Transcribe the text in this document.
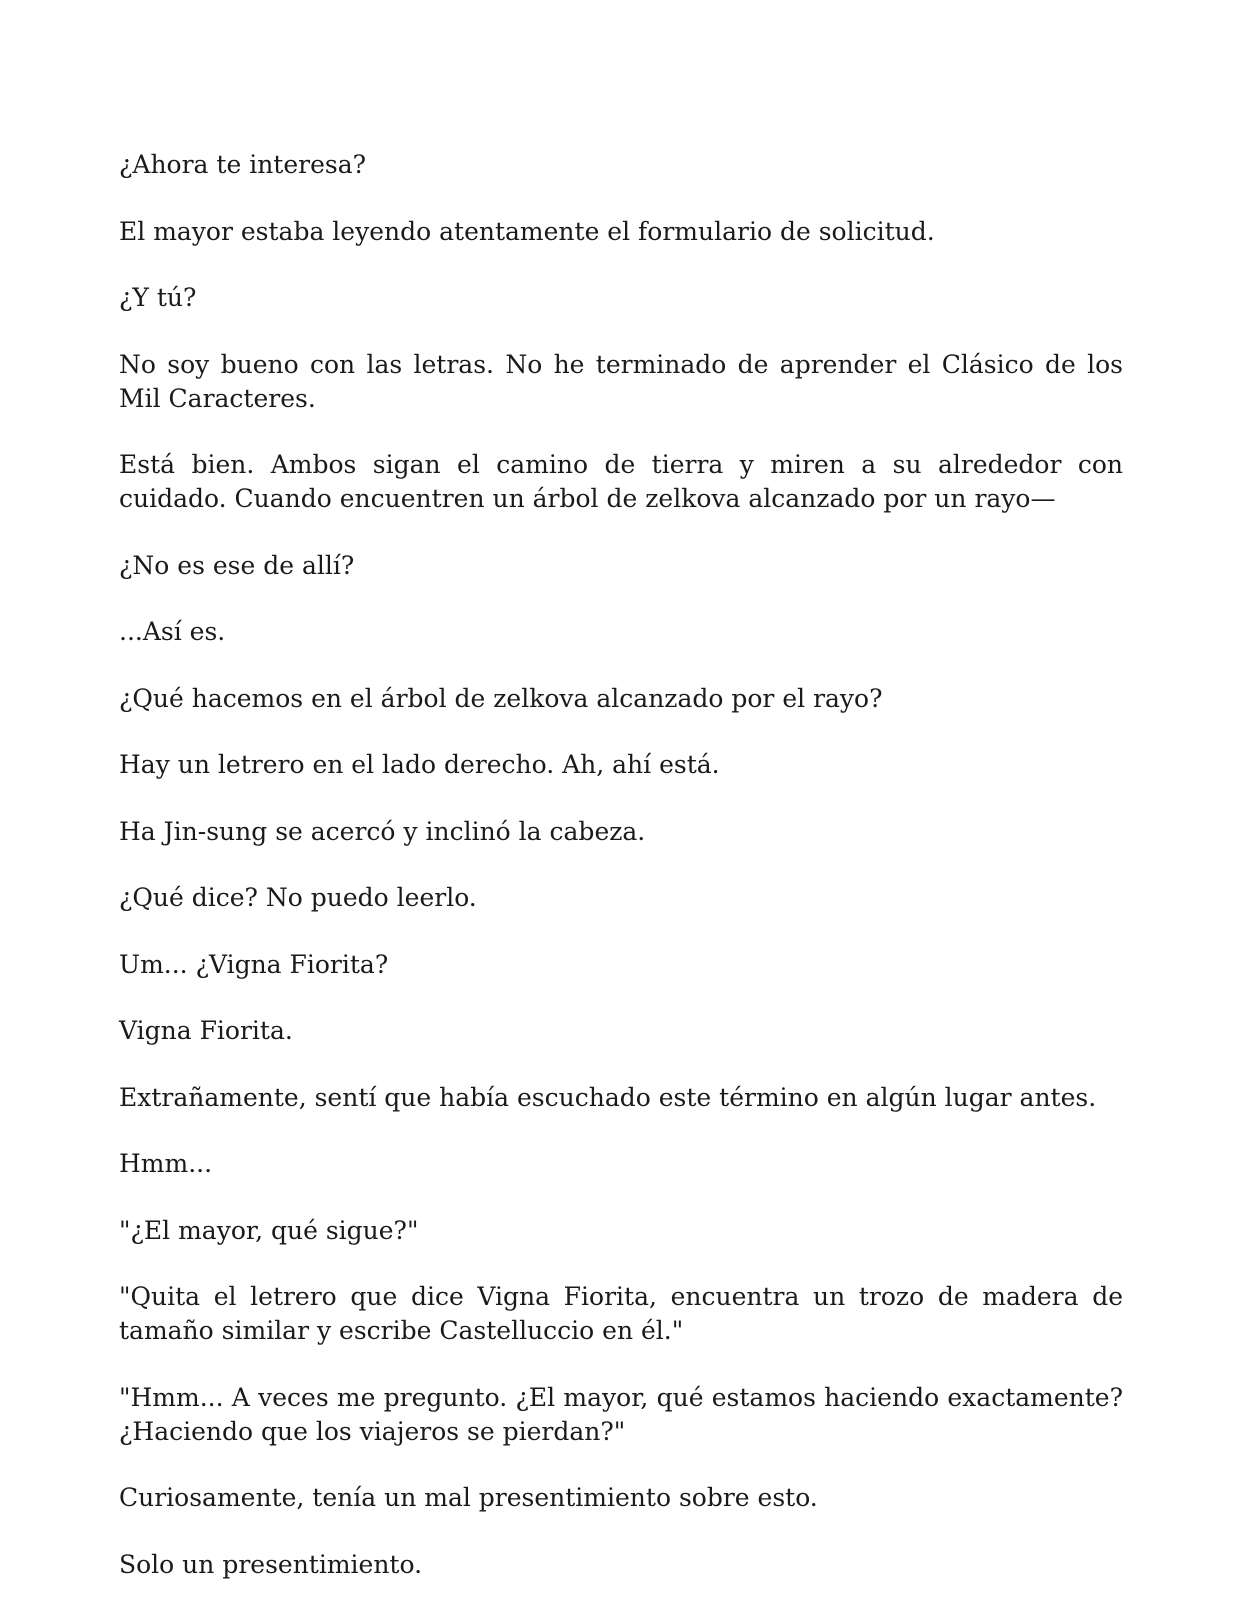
¿Ahora te interesa?

El mayor estaba leyendo atentamente el formulario de solicitud.

¿Y tú?

No soy bueno con las letras. No he terminado de aprender el Clásico de los Mil Caracteres.

Está bien. Ambos sigan el camino de tierra y miren a su alrededor con cuidado. Cuando encuentren un árbol de zelkova alcanzado por un rayo—

¿No es ese de allí?

...Así es.

¿Qué hacemos en el árbol de zelkova alcanzado por el rayo?

Hay un letrero en el lado derecho. Ah, ahí está.

Ha Jin-sung se acercó y inclinó la cabeza.

¿Qué dice? No puedo leerlo.

Um... ¿Vigna Fiorita?

Vigna Fiorita.

Extrañamente, sentí que había escuchado este término en algún lugar antes.

Hmm...

"¿El mayor, qué sigue?"

"Quita el letrero que dice Vigna Fiorita, encuentra un trozo de madera de tamaño similar y escribe Castelluccio en él."

"Hmm... A veces me pregunto. ¿El mayor, qué estamos haciendo exactamente? ¿Haciendo que los viajeros se pierdan?"

Curiosamente, tenía un mal presentimiento sobre esto.

Solo un presentimiento.
